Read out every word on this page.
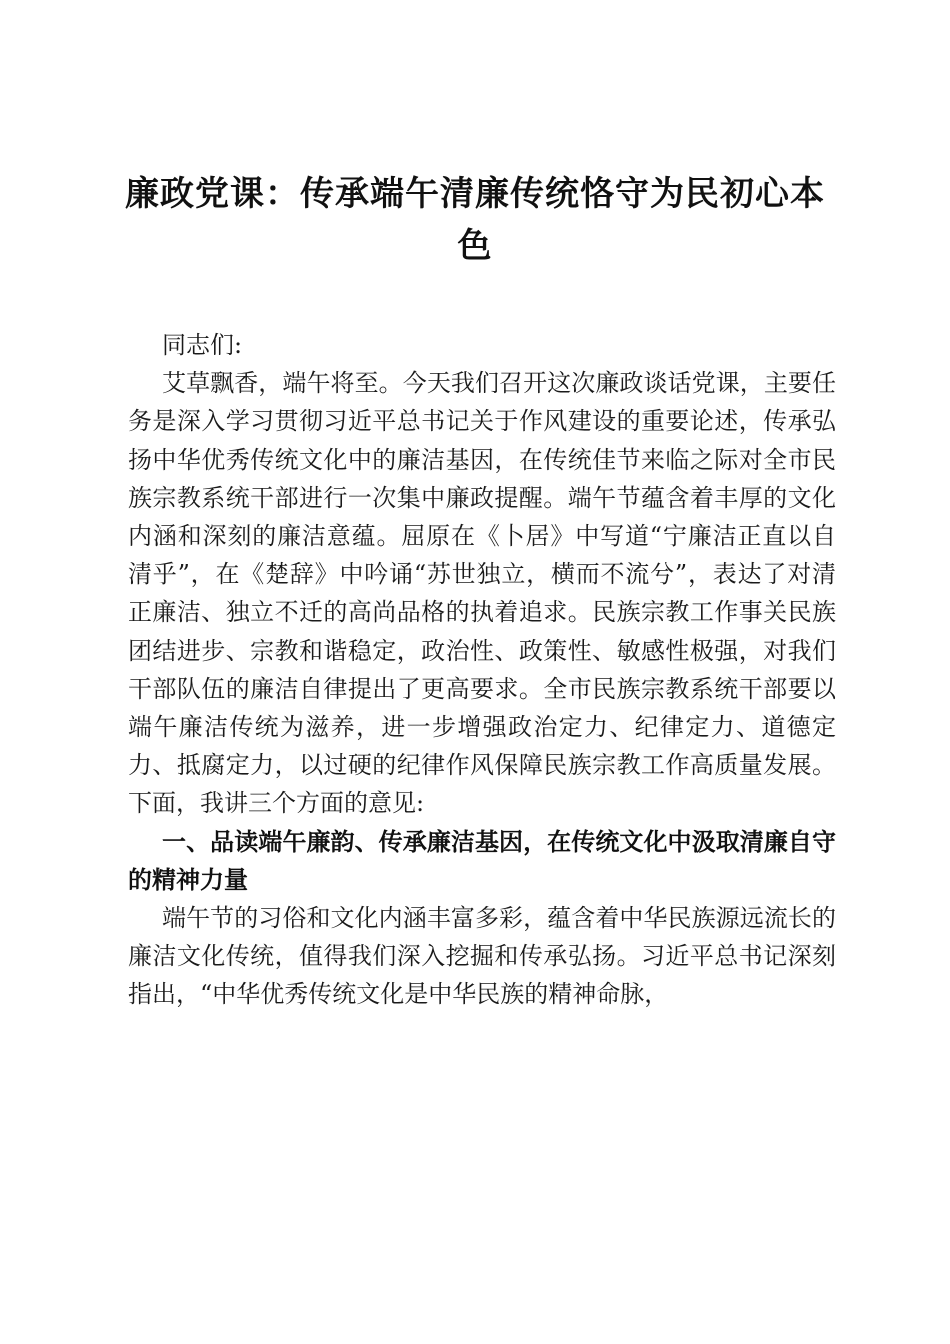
廉政党课：传承端午清廉传统恪守为民初心本色

同志们:

艾草飘香，端午将至。今天我们召开这次廉政谈话党课，主要任务是深入学习贯彻习近平总书记关于作风建设的重要论述，传承弘扬中华优秀传统文化中的廉洁基因，在传统佳节来临之际对全市民族宗教系统干部进行一次集中廉政提醒。端午节蕴含着丰厚的文化内涵和深刻的廉洁意蕴。屈原在《卜居》中写道“宁廉洁正直以自清乎”，在《楚辞》中吟诵“苏世独立，横而不流兮”，表达了对清正廉洁、独立不迁的高尚品格的执着追求。民族宗教工作事关民族团结进步、宗教和谐稳定，政治性、政策性、敏感性极强，对我们干部队伍的廉洁自律提出了更高要求。全市民族宗教系统干部要以端午廉洁传统为滋养，进一步增强政治定力、纪律定力、道德定力、抵腐定力，以过硬的纪律作风保障民族宗教工作高质量发展。下面，我讲三个方面的意见:

一、品读端午廉韵、传承廉洁基因，在传统文化中汲取清廉自守的精神力量

端午节的习俗和文化内涵丰富多彩，蕴含着中华民族源远流长的廉洁文化传统，值得我们深入挖掘和传承弘扬。习近平总书记深刻指出，“中华优秀传统文化是中华民族的精神命脉，
